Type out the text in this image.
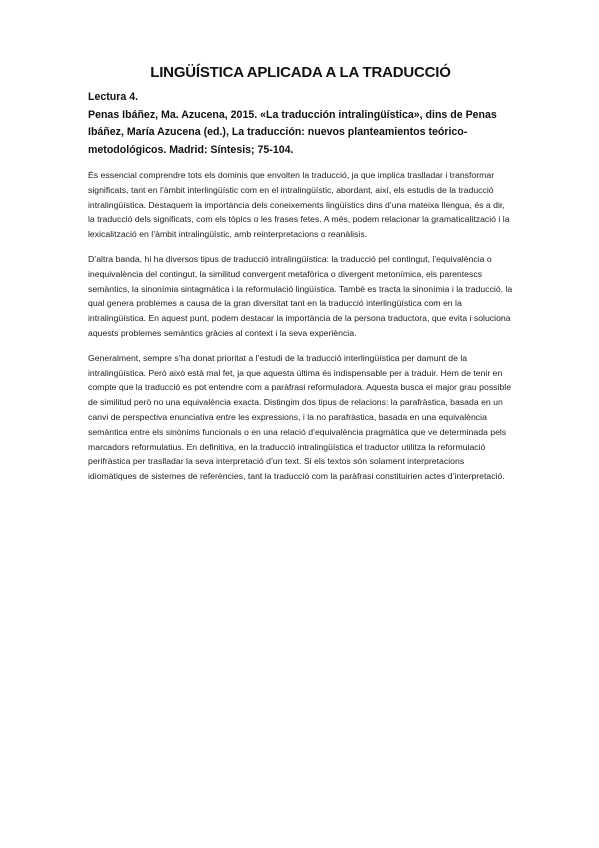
LINGÜÍSTICA APLICADA A LA TRADUCCIÓ
Lectura 4.
Penas Ibáñez, Ma. Azucena, 2015. «La traducción intralingüística», dins de Penas Ibáñez, María Azucena (ed.), La traducción: nuevos planteamientos teórico-metodológicos. Madrid: Síntesis; 75-104.

És essencial comprendre tots els dominis que envolten la traducció, ja que implica traslladar i transformar significats, tant en l’àmbit interlingüístic com en el intralingüístic, abordant, així, els estudis de la traducció intralingüística. Destaquem la importància dels coneixements lingüístics dins d’una mateixa llengua, és a dir, la traducció dels significats, com els tòpics o les frases fetes. A més, podem relacionar la gramaticalització i la lexicalització en l’àmbit intralingüístic, amb reinterpretacions o reanàlisis.

D’altra banda, hi ha diversos tipus de traducció intralingüística: la traducció pel contingut, l’equivalència o inequivalència del contingut, la similitud convergent metafòrica o divergent metonímica, els parentescs semàntics, la sinonímia sintagmàtica i la reformulació lingüística. També es tracta la sinonímia i la traducció, la qual genera problemes a causa de la gran diversitat tant en la traducció interlingüística com en la intralingüística. En aquest punt, podem destacar la importància de la persona traductora, que evita i soluciona aquests problemes semàntics gràcies al context i la seva experiència.

Generalment, sempre s’ha donat prioritat a l’estudi de la traducció interlingüística per damunt de la intralingüística. Però això està mal fet, ja que aquesta última és indispensable per a traduir. Hem de tenir en compte que la traducció es pot entendre com a paràfrasi reformuladora. Aquesta busca el major grau possible de similitud però no una equivalència exacta. Distingim dos tipus de relacions: la parafràstica, basada en un canvi de perspectiva enunciativa entre les expressions, i la no parafràstica, basada en una equivalència semàntica entre els sinònims funcionals o en una relació d’equivalència pragmàtica que ve determinada pels marcadors reformulatius. En definitiva, en la traducció intralingüística el traductor utilitza la reformulació perifràstica per traslladar la seva interpretació d’un text. Si els textos són solament interpretacions idiomàtiques de sistemes de referències, tant la traducció com la paràfrasi constituirien actes d’interpretació.
